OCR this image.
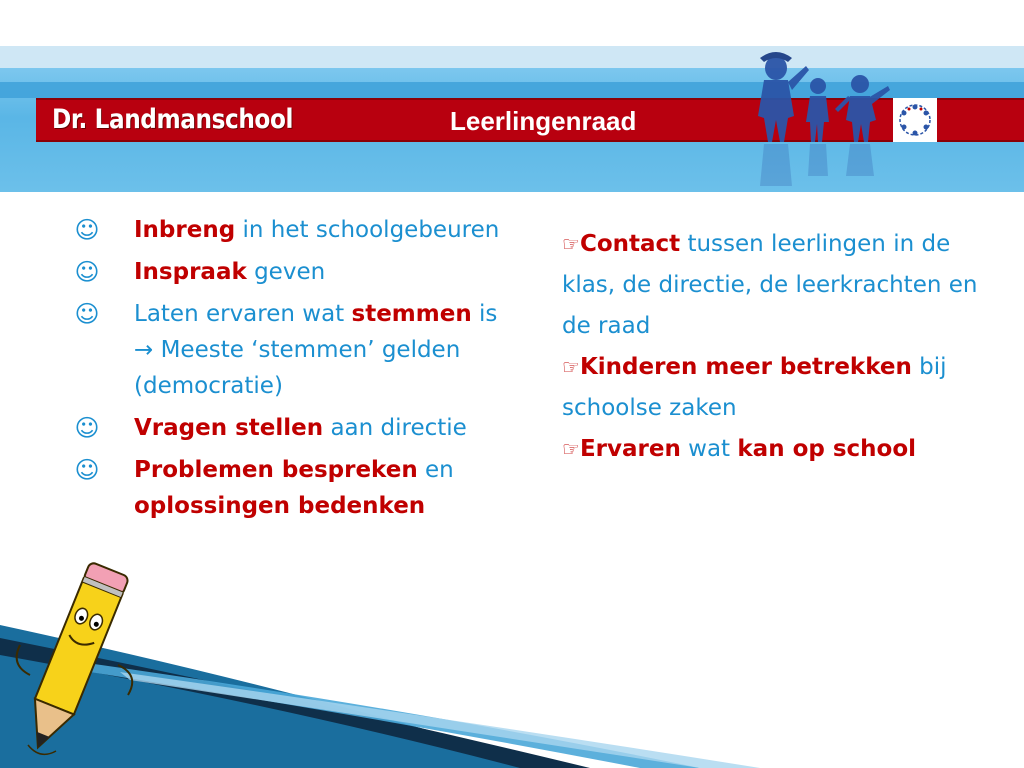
Dr. Landmanschool	Leerlingenraad
☺ Inbreng in het schoolgebeuren
☺ Inspraak geven
☺ Laten ervaren wat stemmen is → Meeste ‘stemmen’ gelden (democratie)
☺ Vragen stellen aan directie
☺ Problemen bespreken en oplossingen bedenken
☞Contact tussen leerlingen in de klas, de directie, de leerkrachten en de raad
☞Kinderen meer betrekken bij schoolse zaken
☞Ervaren wat kan op school
